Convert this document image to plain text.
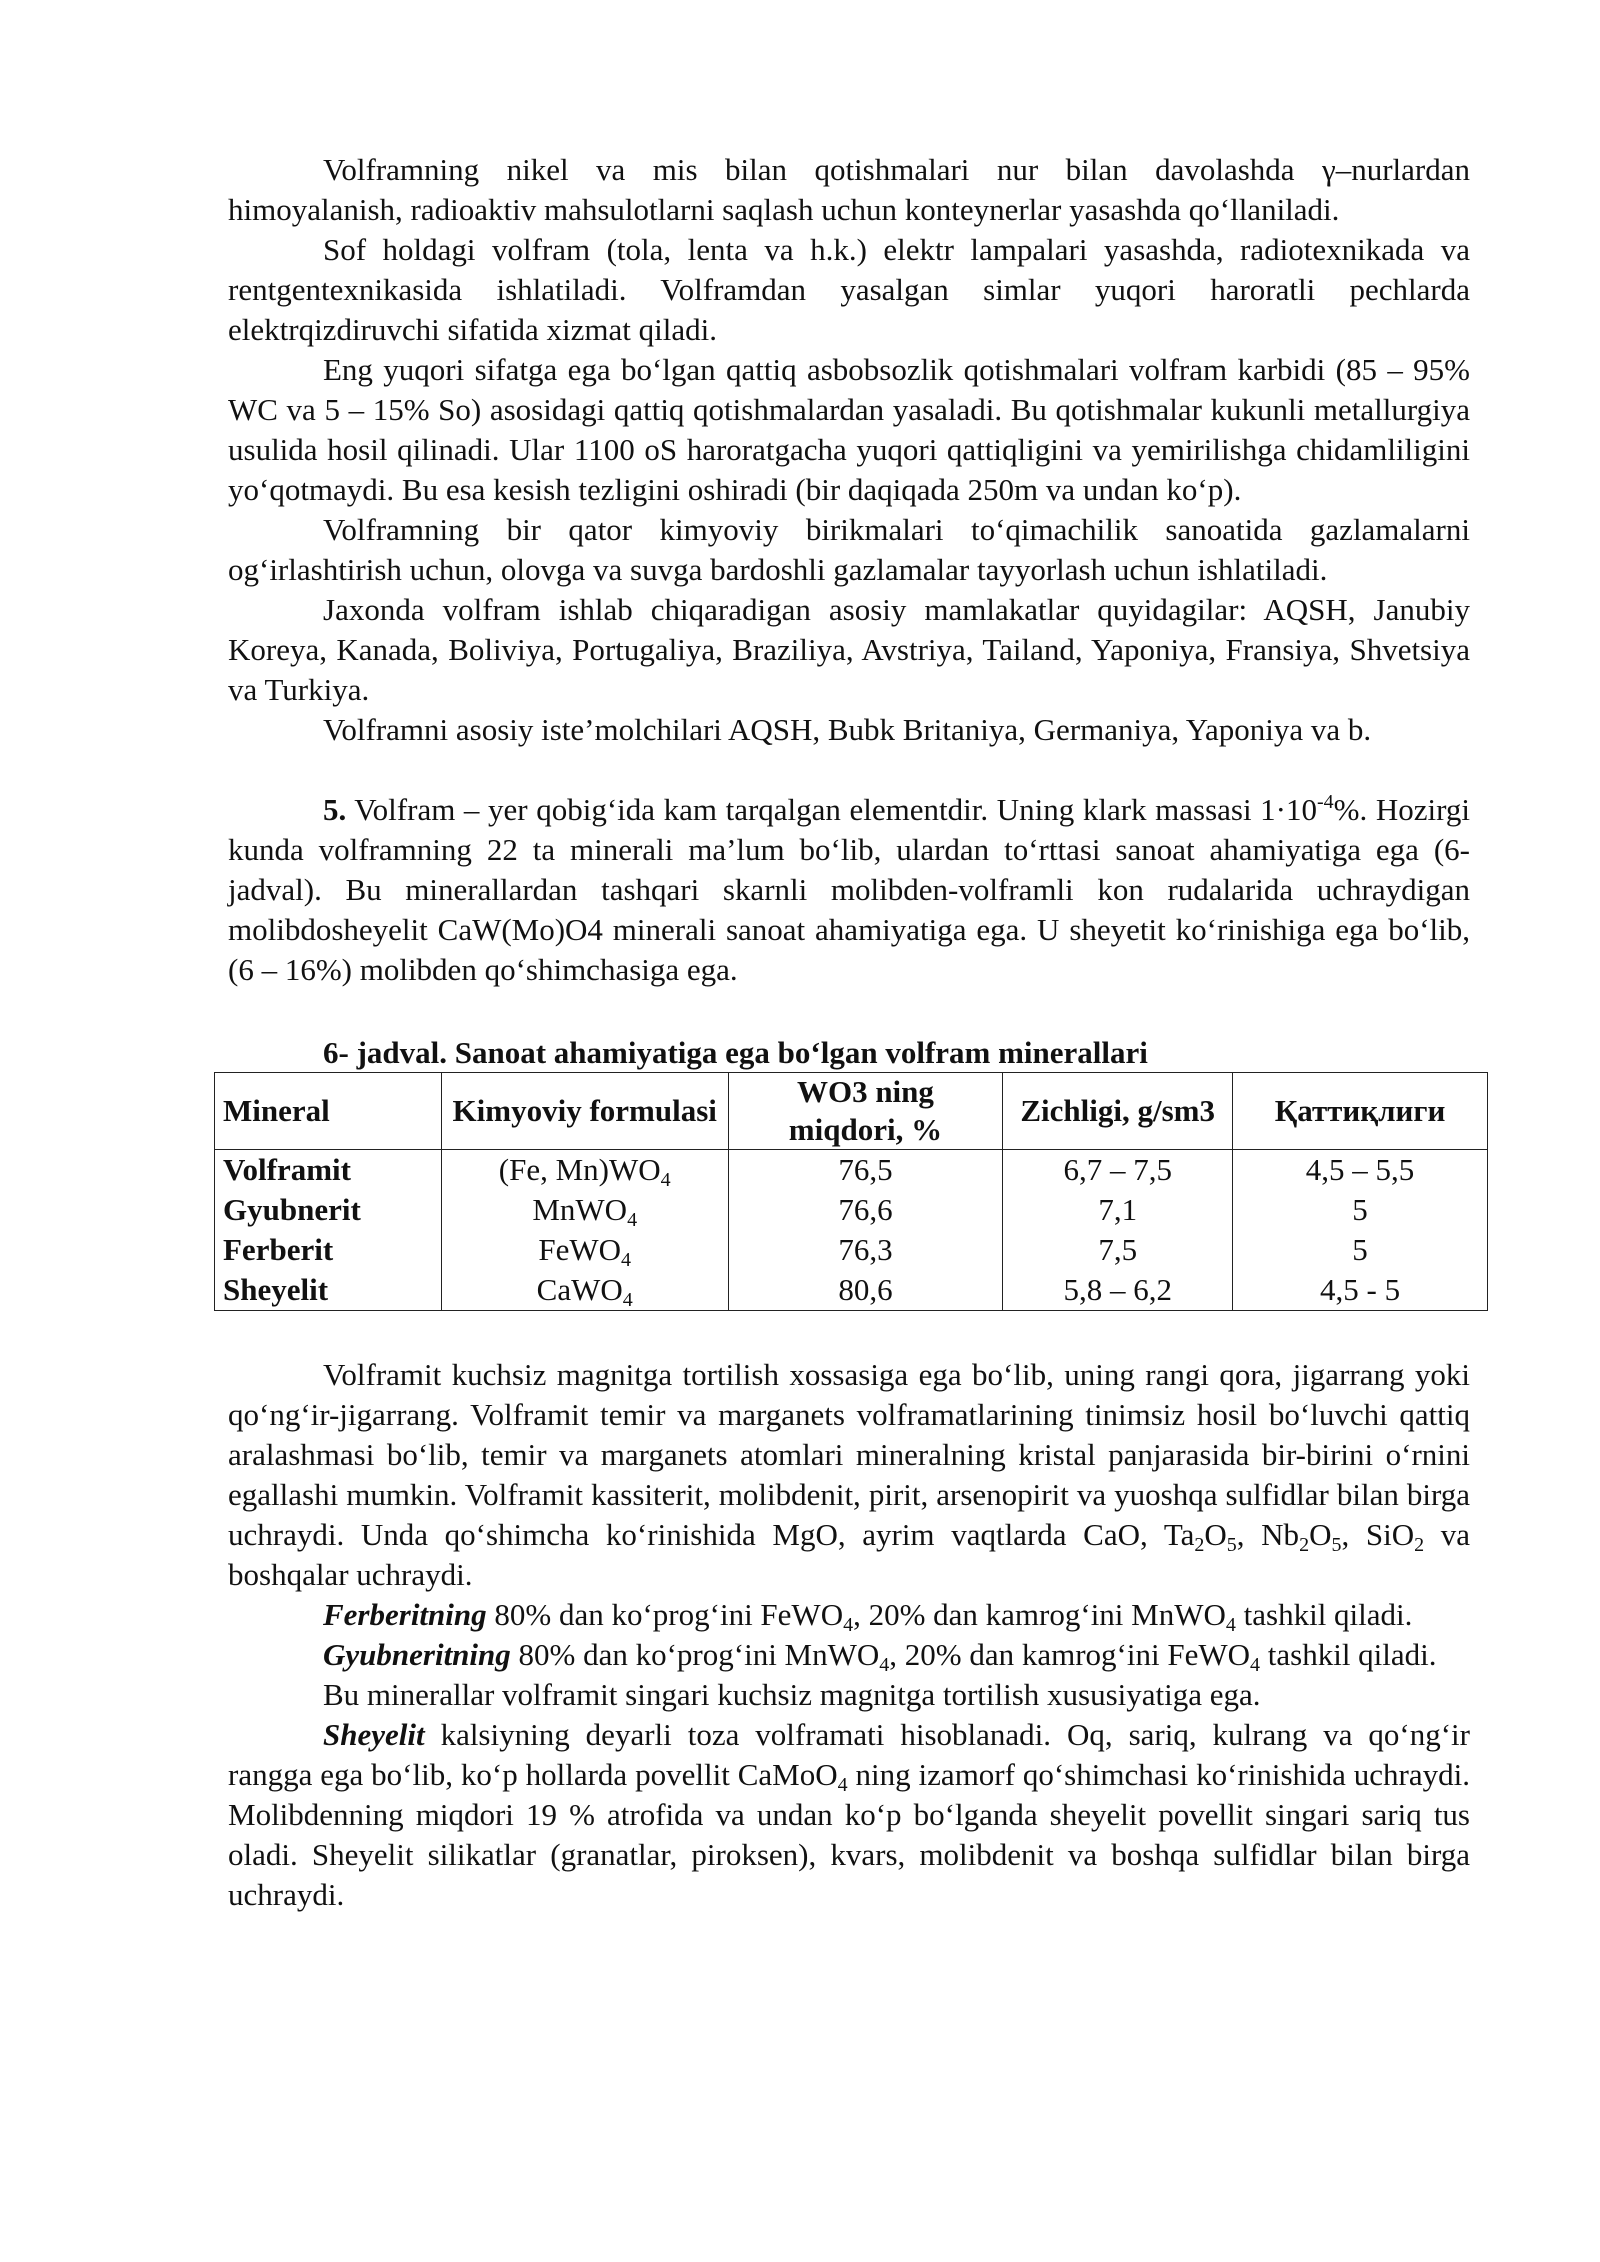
Volframning nikel va mis bilan qotishmalari nur bilan davolashda γ–nurlardan himoyalanish, radioaktiv mahsulotlarni saqlash uchun konteynerlar yasashda qo‘llaniladi.

Sof holdagi volfram (tola, lenta va h.k.) elektr lampalari yasashda, radiotexnikada va rentgentexnikasida ishlatiladi. Volframdan yasalgan simlar yuqori haroratli pechlarda elektrqizdiruvchi sifatida xizmat qiladi.

Eng yuqori sifatga ega bo‘lgan qattiq asbobsozlik qotishmalari volfram karbidi (85 – 95% WC va 5 – 15% So) asosidagi qattiq qotishmalardan yasaladi. Bu qotishmalar kukunli metallurgiya usulida hosil qilinadi. Ular 1100 oS haroratgacha yuqori qattiqligini va yemirilishga chidamliligini yo‘qotmaydi. Bu esa kesish tezligini oshiradi (bir daqiqada 250m va undan ko‘p).

Volframning bir qator kimyoviy birikmalari to‘qimachilik sanoatida gazlamalarni og‘irlashtirish uchun, olovga va suvga bardoshli gazlamalar tayyorlash uchun ishlatiladi.

Jaxonda volfram ishlab chiqaradigan asosiy mamlakatlar quyidagilar: AQSH, Janubiy Koreya, Kanada, Boliviya, Portugaliya, Braziliya, Avstriya, Tailand, Yaponiya, Fransiya, Shvetsiya va Turkiya.

Volframni asosiy iste’molchilari AQSH, Bubk Britaniya, Germaniya, Yaponiya va b.

5. Volfram – yer qobig‘ida kam tarqalgan elementdir. Uning klark massasi $1\cdot 10^{-4}\%$. Hozirgi kunda volframning 22 ta minerali ma’lum bo‘lib, ulardan to‘rttasi sanoat ahamiyatiga ega (6-jadval). Bu minerallardan tashqari skarnli molibden-volframli kon rudalarida uchraydigan molibdosheyelit CaW(Mo)O4 minerali sanoat ahamiyatiga ega. U sheyetit ko‘rinishiga ega bo‘lib, (6 – 16%) molibden qo‘shimchasiga ega.

6- jadval. Sanoat ahamiyatiga ega bo‘lgan volfram minerallari
Mineral	Kimyoviy formulasi	WO3 ning miqdori, %	Zichligi, g/sm3	Қаттиқлиги
Volframit	(Fe, $Mn)WO_4$	76,5	6,7 – 7,5	4,5 – 5,5
Gyubnerit	MnWO$_4$	76,6	7,1	5
Ferberit	FeWO$_4$	76,3	7,5	5
Sheyelit	CaWO$_4$	80,6	5,8 – 6,2	4,5 - 5

Volframit kuchsiz magnitga tortilish xossasiga ega bo‘lib, uning rangi qora, jigarrang yoki qo‘ng‘ir-jigarrang. Volframit temir va marganets volframatlarining tinimsiz hosil bo‘luvchi qattiq aralashmasi bo‘lib, temir va marganets atomlari mineralning kristal panjarasida bir-birini o‘rnini egallashi mumkin. Volframit kassiterit, molibdenit, pirit, arsenopirit va yuoshqa sulfidlar bilan birga uchraydi. Unda qo‘shimcha ko‘rinishida MgO, ayrim vaqtlarda CaO, $Ta_2O_5$, $Nb_2O_5$, SiO$_2$ va boshqalar uchraydi.

Ferberitning 80% dan ko‘prog‘ini FeWO$_4$, 20% dan kamrog‘ini MnWO$_4$ tashkil qiladi.

Gyubneritning 80% dan ko‘prog‘ini MnWO$_4$, 20% dan kamrog‘ini FeWO$_4$ tashkil qiladi.

Bu minerallar volframit singari kuchsiz magnitga tortilish xususiyatiga ega.

Sheyelit kalsiyning deyarli toza volframati hisoblanadi. Oq, sariq, kulrang va qo‘ng‘ir rangga ega bo‘lib, ko‘p hollarda povellit CaMoO$_4$ ning izamorf qo‘shimchasi ko‘rinishida uchraydi. Molibdenning miqdori 19 % atrofida va undan ko‘p bo‘lganda sheyelit povellit singari sariq tus oladi. Sheyelit silikatlar (granatlar, piroksen), kvars, molibdenit va boshqa sulfidlar bilan birga uchraydi.
